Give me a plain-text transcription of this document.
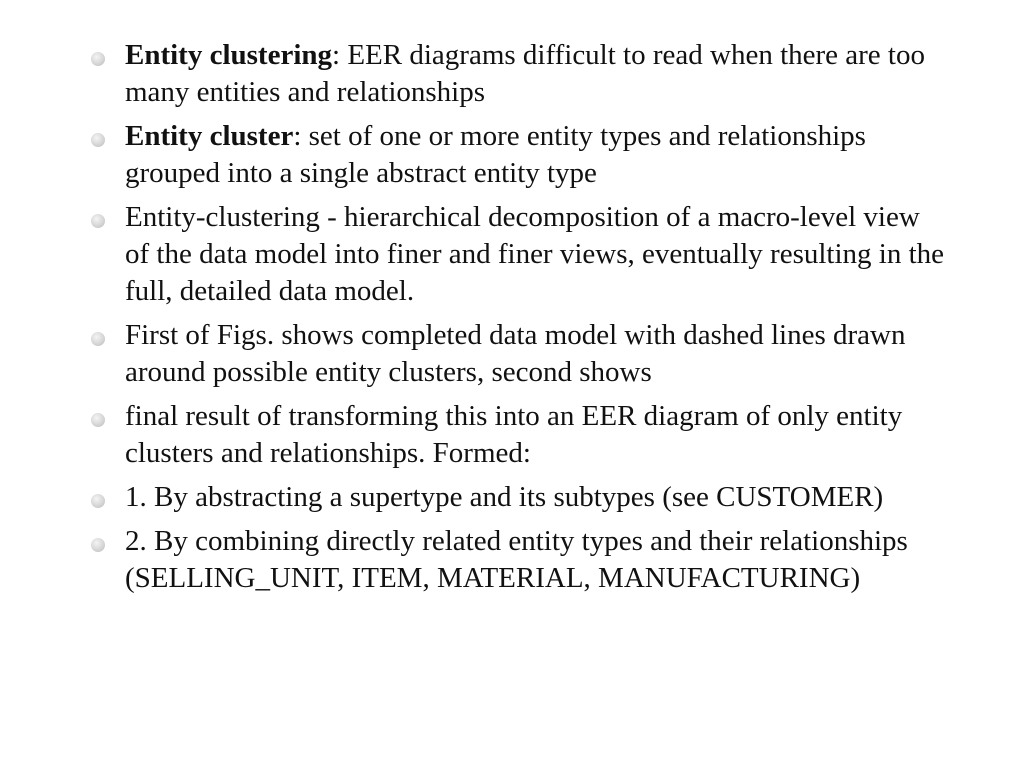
Entity clustering: EER diagrams difficult to read when there are too many entities and relationships
Entity cluster: set of one or more entity types and relationships grouped into a single abstract entity type
Entity-clustering - hierarchical decomposition of a macro-level view of the data model into finer and finer views, eventually resulting in the full, detailed data model.
First of Figs. shows completed data model with dashed lines drawn around possible entity clusters, second shows
final result of transforming this into an EER diagram of only entity clusters and relationships. Formed:
1. By abstracting a supertype and its subtypes (see CUSTOMER)
2. By combining directly related entity types and their relationships (SELLING_UNIT, ITEM, MATERIAL, MANUFACTURING)
